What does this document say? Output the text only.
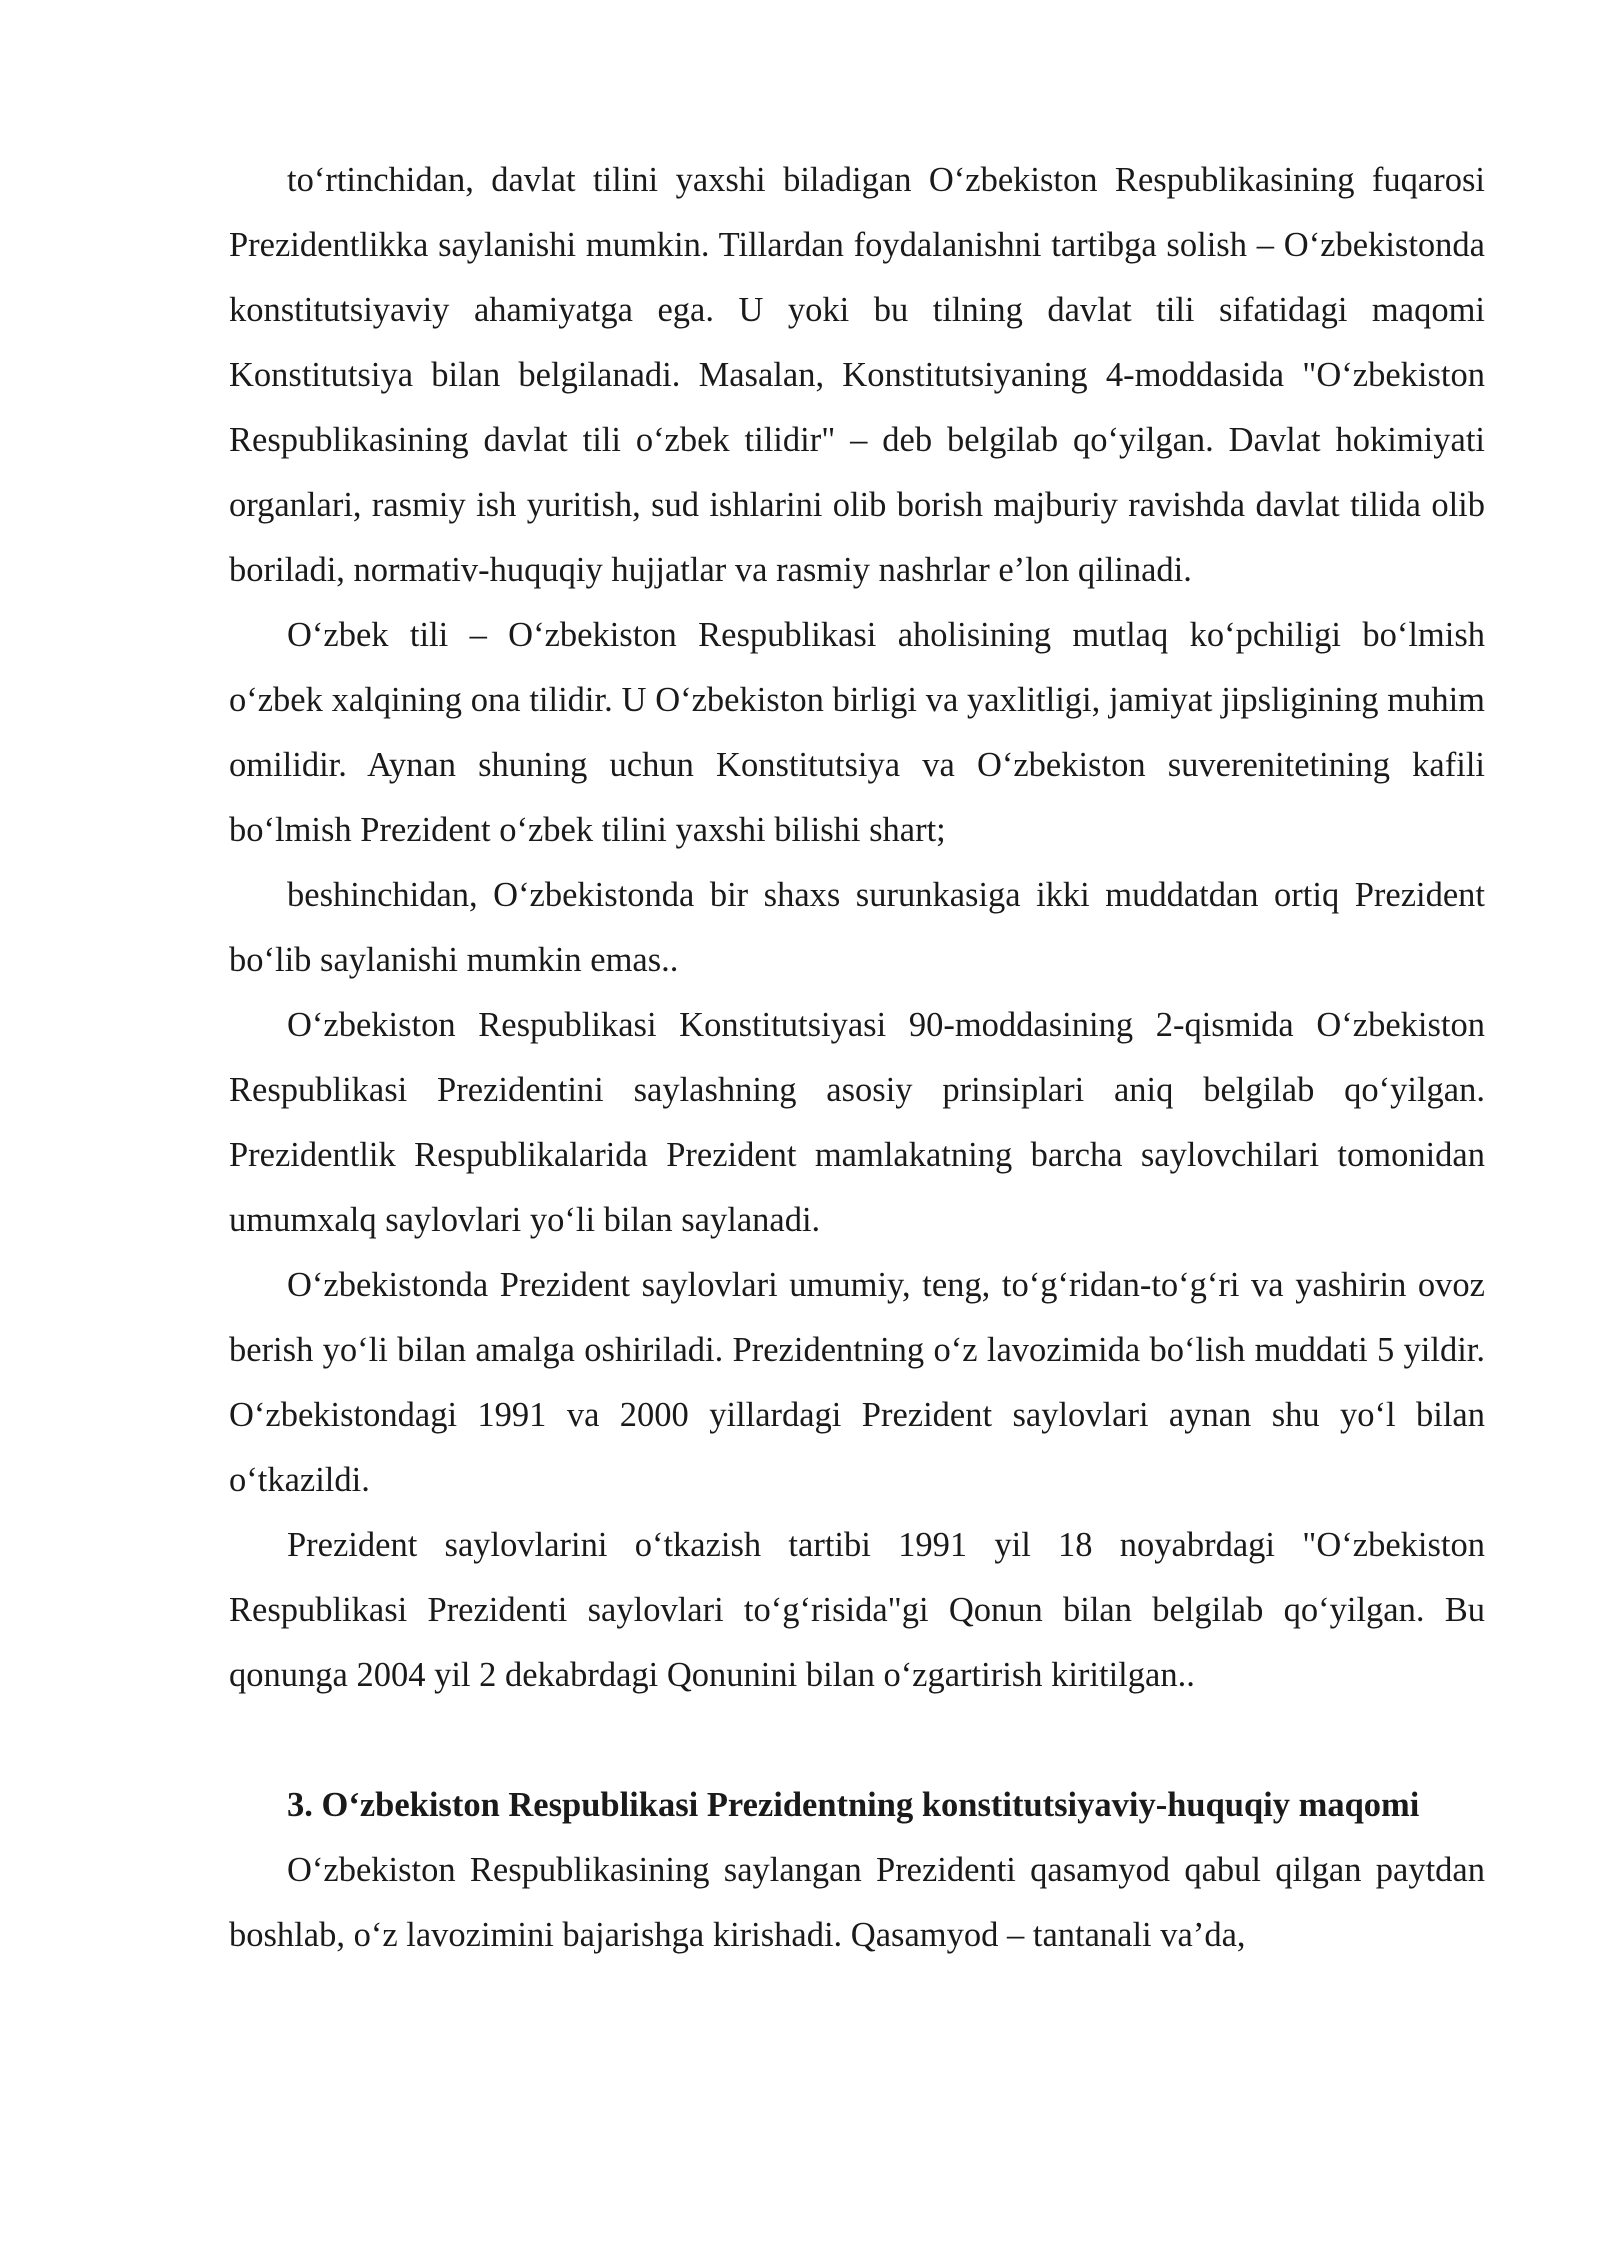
to‘rtinchidan, davlat tilini yaxshi biladigan O‘zbekiston Respublikasining fuqarosi Prezidentlikka saylanishi mumkin. Tillardan foydalanishni tartibga solish – O‘zbekistonda konstitutsiyaviy ahamiyatga ega. U yoki bu tilning davlat tili sifatidagi maqomi Konstitutsiya bilan belgilanadi. Masalan, Konstitutsiyaning 4-moddasida "O‘zbekiston Respublikasining davlat tili o‘zbek tilidir" – deb belgilab qo‘yilgan. Davlat hokimiyati organlari, rasmiy ish yuritish, sud ishlarini olib borish majburiy ravishda davlat tilida olib boriladi, normativ-huquqiy hujjatlar va rasmiy nashrlar e’lon qilinadi.

O‘zbek tili – O‘zbekiston Respublikasi aholisining mutlaq ko‘pchiligi bo‘lmish o‘zbek xalqining ona tilidir. U O‘zbekiston birligi va yaxlitligi, jamiyat jipsligining muhim omilidir. Aynan shuning uchun Konstitutsiya va O‘zbekiston suverenitetining kafili bo‘lmish Prezident o‘zbek tilini yaxshi bilishi shart;

beshinchidan, O‘zbekistonda bir shaxs surunkasiga ikki muddatdan ortiq Prezident bo‘lib saylanishi mumkin emas..

O‘zbekiston Respublikasi Konstitutsiyasi 90-moddasining 2-qismida O‘zbekiston Respublikasi Prezidentini saylashning asosiy prinsiplari aniq belgilab qo‘yilgan. Prezidentlik Respublikalarida Prezident mamlakatning barcha saylovchilari tomonidan umumxalq saylovlari yo‘li bilan saylanadi.

O‘zbekistonda Prezident saylovlari umumiy, teng, to‘g‘ridan-to‘g‘ri va yashirin ovoz berish yo‘li bilan amalga oshiriladi. Prezidentning o‘z lavozimida bo‘lish muddati 5 yildir. O‘zbekistondagi 1991 va 2000 yillardagi Prezident saylovlari aynan shu yo‘l bilan o‘tkazildi.

Prezident saylovlarini o‘tkazish tartibi 1991 yil 18 noyabrdagi "O‘zbekiston Respublikasi Prezidenti saylovlari to‘g‘risida"gi Qonun bilan belgilab qo‘yilgan. Bu qonunga 2004 yil 2 dekabrdagi Qonunini bilan o‘zgartirish kiritilgan..

3. O‘zbekiston Respublikasi Prezidentning konstitutsiyaviy-huquqiy maqomi

O‘zbekiston Respublikasining saylangan Prezidenti qasamyod qabul qilgan paytdan boshlab, o‘z lavozimini bajarishga kirishadi. Qasamyod – tantanali va’da,
